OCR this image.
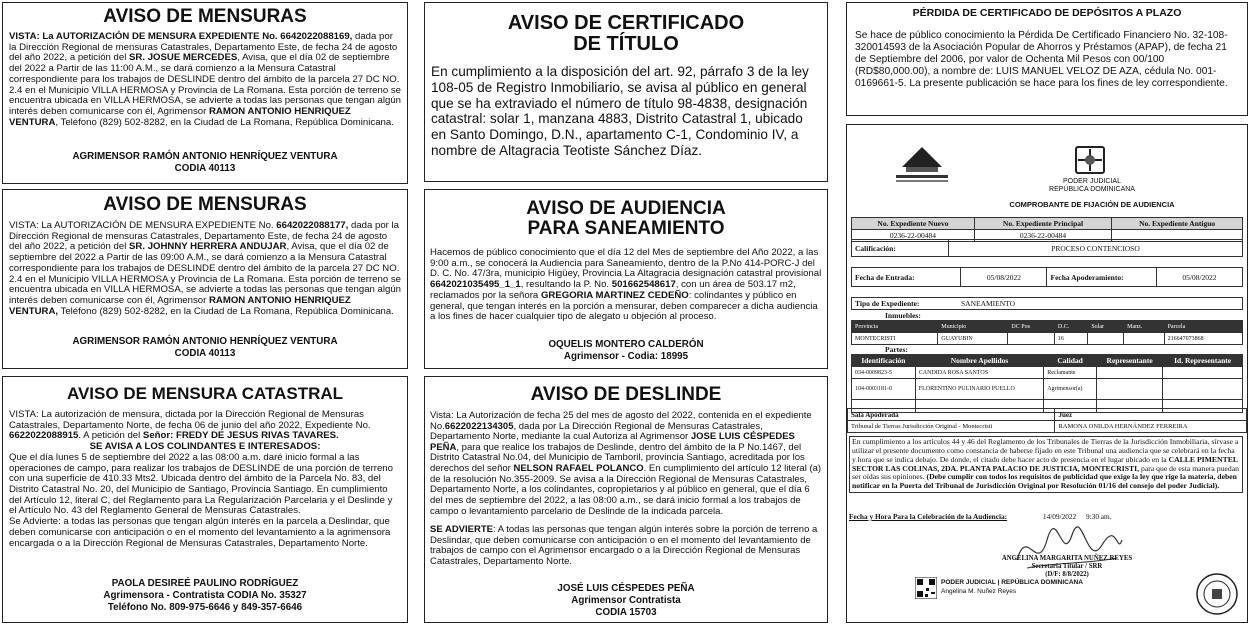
AVISO DE MENSURAS
VISTA: La AUTORIZACIÓN DE MENSURA EXPEDIENTE No. 6642022088169, dada por la Dirección Regional de mensuras Catastrales, Departamento Este, de fecha 24 de agosto del año 2022, a petición del SR. JOSUE MERCEDES, Avisa, que el día 02 de septiembre del 2022 a Partir de las 11:00 A.M., se dará comienzo a la Mensura Catastral correspondiente para los trabajos de DESLINDE dentro del ámbito de la parcela 27 DC NO. 2.4 en el Municipio VILLA HERMOSA y Provincia de La Romana. Esta porción de terreno se encuentra ubicada en VILLA HERMOSA, se advierte a todas las personas que tengan algún interés deben comunicarse con él, Agrimensor RAMON ANTONIO HENRIQUEZ VENTURA, Teléfono (829) 502-8282, en la Ciudad de La Romana, República Dominicana.
AGRIMENSOR RAMÓN ANTONIO HENRÍQUEZ VENTURA
CODIA 40113
AVISO DE MENSURAS
VISTA: La AUTORIZACIÓN DE MENSURA EXPEDIENTE No. 6642022088177, dada por la Dirección Regional de mensuras Catastrales, Departamento Este, de fecha 24 de agosto del año 2022, a petición del SR. JOHNNY HERRERA ANDUJAR, Avisa, que el día 02 de septiembre del 2022 a Partir de las 09:00 A.M., se dará comienzo a la Mensura Catastral correspondiente para los trabajos de DESLINDE dentro del ámbito de la parcela 27 DC NO. 2.4 en el Municipio VILLA HERMOSA y Provincia de La Romana. Esta porción de terreno se encuentra ubicada en VILLA HERMOSA, se advierte a todas las personas que tengan algún interés deben comunicarse con él, Agrimensor RAMON ANTONIO HENRIQUEZ VENTURA, Teléfono (829) 502-8282, en la Ciudad de La Romana, República Dominicana.
AGRIMENSOR RAMÓN ANTONIO HENRÍQUEZ VENTURA
CODIA 40113
AVISO DE MENSURA CATASTRAL
VISTA: La autorización de mensura, dictada por la Dirección Regional de Mensuras Catastrales, Departamento Norte, de fecha 06 de junio del año 2022, Expediente No. 6622022088915. A petición del Señor: FREDY DE JESUS RIVAS TAVARES.
SE AVISA A LOS COLINDANTES E INTERESADOS:
Que el día lunes 5 de septiembre del 2022 a las 08:00 a.m. daré inicio formal a las operaciones de campo, para realizar los trabajos de DESLINDE de una porción de terreno con una superficie de 410.33 Mts2. Ubicada dentro del ámbito de la Parcela No. 83, del Distrito Catastral No. 20, del Municipio de Santiago, Provincia Santiago. En cumplimiento del Artículo 12, literal C, del Reglamento para La Regularización Parcelaria y el Deslinde y el Artículo No. 43 del Reglamento General de Mensuras Catastrales.
Se Advierte: a todas las personas que tengan algún interés en la parcela a Deslindar, que deben comunicarse con anticipación o en el momento del levantamiento a la agrimensora encargada o a la Dirección Regional de Mensuras Catastrales, Departamento Norte.
PAOLA DESIREÉ PAULINO RODRÍGUEZ
Agrimensora - Contratista CODIA No. 35327
Teléfono No. 809-975-6646 y 849-357-6646
AVISO DE CERTIFICADO
DE TÍTULO
En cumplimiento a la disposición del art. 92, párrafo 3 de la ley 108-05 de Registro Inmobiliario, se avisa al público en general que se ha extraviado el número de título 98-4838, designación catastral: solar 1, manzana 4883, Distrito Catastral 1, ubicado en Santo Domingo, D.N., apartamento C-1, Condominio IV, a nombre de Altagracia Teotiste Sánchez Díaz.
AVISO DE AUDIENCIA
PARA SANEAMIENTO
Hacemos de público conocimiento que el día 12 del Mes de septiembre del Año 2022, a las 9:00 a.m., se conocerá la Audiencia para Saneamiento, dentro de la P.No 414-PORC-J del D. C. No. 47/3ra, municipio Higüey, Provincia La Altagracia designación catastral provisional 6642021035495_1_1, resultando la P. No. 501662548617, con un área de 503.17 m2, reclamados por la señora GREGORIA MARTINEZ CEDEÑO: colindantes y público en general, que tengan interés en la porción a mensurar, deben comparecer a dicha audiencia a los fines de hacer cualquier tipo de alegato u objeción al proceso.
OQUELIS MONTERO CALDERÓN
Agrimensor - Codia: 18995
AVISO DE DESLINDE
Vista: La Autorización de fecha 25 del mes de agosto del 2022, contenida en el expediente No.6622022134305, dada por La Dirección Regional de Mensuras Catastrales, Departamento Norte, mediante la cual Autoriza al Agrimensor JOSE LUIS CÉSPEDES PEÑA, para que realice los trabajos de Deslinde, dentro del ámbito de la P No.1467, del Distrito Catastral No.04, del Municipio de Tamboril, provincia Santiago, acreditada por los derechos del señor NELSON RAFAEL POLANCO. En cumplimiento del artículo 12 literal (a) de la resolución No.355-2009. Se avisa a la Dirección Regional de Mensuras Catastrales, Departamento Norte, a los colindantes, copropietarios y al público en general, que el día 6 del mes de septiembre del 2022, a las 08:00 a.m., se dará inicio formal a los trabajos de campo o levantamiento parcelario de Deslinde de la indicada parcela.
SE ADVIERTE: A todas las personas que tengan algún interés sobre la porción de terreno a Deslindar, que deben comunicarse con anticipación o en el momento del levantamiento de trabajos de campo con el Agrimensor encargado o a la Dirección Regional de Mensuras Catastrales, Departamento Norte.
JOSÉ LUIS CÉSPEDES PEÑA
Agrimensor Contratista
CODIA 15703
PÉRDIDA DE CERTIFICADO DE DEPÓSITOS A PLAZO
Se hace de público conocimiento la Pérdida De Certificado Financiero No. 32-108-320014593 de la Asociación Popular de Ahorros y Préstamos (APAP), de fecha 21 de Septiembre del 2006, por valor de Ochenta Mil Pesos con 00/100 (RD$80,000.00), a nombre de: LUIS MANUEL VELOZ DE AZA, cédula No. 001-0169661-5. La presente publicación se hace para los fines de ley correspondiente.
PODER JUDICIAL
REPÚBLICA DOMINICANA
COMPROBANTE DE FIJACIÓN DE AUDIENCIA
No. Expediente Nuevo	No. Expediente Principal	No. Expediente Antiguo
0236-22-00484	0236-22-00484	
Calificación:	PROCESO CONTENCIOSO
Fecha de Entrada:	05/08/2022	Fecha Apoderamiento:	05/08/2022
Tipo de Expediente:	SANEAMIENTO
Inmuebles:
Provincia	Municipio	DC Pos	D.C.	Solar	Manz.	Parcela
MONTECRISTI	GUAYUBIN		16			216647073868
Partes:
Identificación	Nombre Apellidos	Calidad	Representante	Id. Representante
034-0009823-5	CANDIDA ROSA SANTOS	Reclamante		
104-0003181-0	FLORENTINO PULINARIO PUELLO	Agrimensor(a)		

Sala Apoderada	Juez
Tribunal de Tierras Jurisdicción Original - Montecristi	RAMONA ONILDA HERNÁNDEZ FERREIRA
En cumplimiento a los artículos 44 y 46 del Reglamento de los Tribunales de Tierras de la Jurisdicción Inmobiliaria, sírvase a utilizar el presente documento como constancia de haberse fijado en este Tribunal una audiencia que se celebrará en la fecha y hora que se indica debajo. De donde, el citado debe hacer acto de presencia en el lugar ubicado en la CALLE PIMENTEL SECTOR LAS COLINAS, 2DA. PLANTA PALACIO DE JUSTICIA, MONTECRISTI, para que de esta manera puedan ser oídas sus opiniones. (Debe cumplir con todos los requisitos de publicidad que exige la ley que rige la materia, deben notificar en la Puerta del Tribunal de Jurisdicción Original por Resolución 01/16 del consejo del poder Judicial).
Fecha y Hora Para la Celebración de la Audiencia:	14/09/2022 9:30 am.
ANGELINA MARGARITA NUÑEZ REYES
Secretaria Titular / SRR
(D/F: 8/8/2022)
PODER JUDICIAL | REPÚBLICA DOMINICANA
Angelina M. Nuñez Reyes
